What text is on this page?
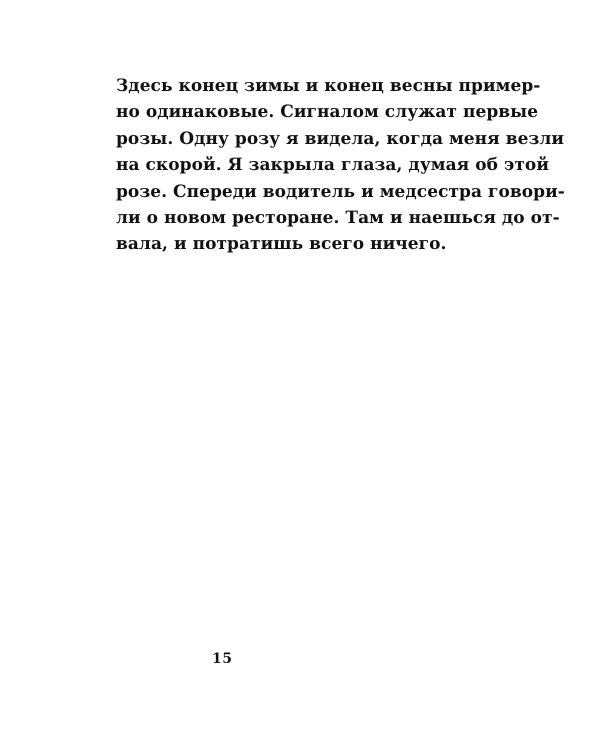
Здесь конец зимы и конец весны пример-
но одинаковые. Сигналом служат первые
розы. Одну розу я видела, когда меня везли
на скорой. Я закрыла глаза, думая об этой
розе. Спереди водитель и медсестра говори-
ли о новом ресторане. Там и наешься до от-
вала, и потратишь всего ничего.
15
